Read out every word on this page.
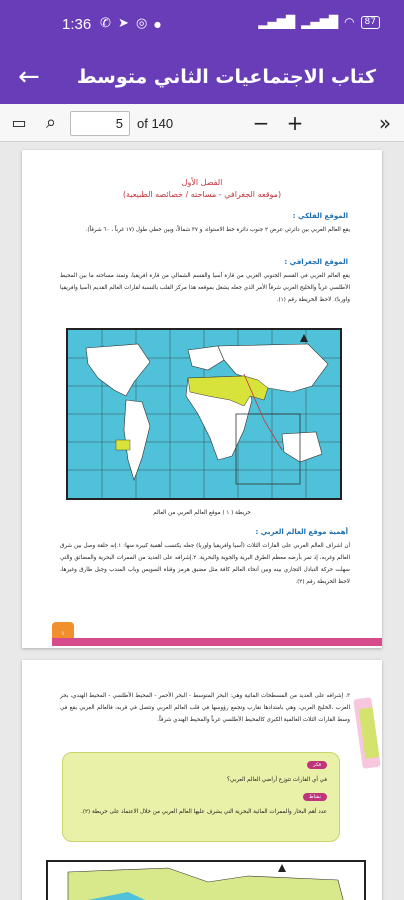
1:36 ✆ ➤ ◎ ●	▂▄▆█ ▂▄▆█ ◠	87
← كتاب الاجتماعيات الثاني متوسط
▭	⌕
5	of 140	− +	»
الفصل الأول
(موقعه الجغرافي - مساحته / خصائصه الطبيعية)
الموقع الفلكي :
يقع العالم العربي بين دائرتي عرض ٢ جنوب دائرة خط الاستواء، و ٣٧ شمالاً، وبين خطي طول (١٧ غرباً ، ٦٠ شرقاً).
الموقع الجغرافي :
يقع العالم العربي في القسم الجنوبي الغربي من قارة آسيا والقسم الشمالي من قارة افريقيا، وتمتد مساحته ما بين المحيط الأطلسي غرباً والخليج العربي شرقاً الأمر الذي جعله يشغل بموقعه هذا مركز القلب بالنسبة لقارات العالم القديم (آسيا وافريقيا واوربا). لاحظ الخريطة رقم (١).
خريطة ( ١ ) موقع العالم العربي من العالم
أهمية موقع العالم العربي :
أن اشراف العالم العربي على القارات الثلاث (آسيا وافريقيا واوربا) جعله يكتسب أهمية كبيرة منها: ١.إنه حلقة وصل بين شرق العالم وغربه، إذ تمر بأرضه معظم الطرق البرية والجوية والبحرية. ٢.إشرافه على العديد من الممرات البحرية والمضائق والتي سهلت حركة التبادل التجاري بينه وبين أنحاء العالم كافة مثل مضيق هرمز وقناة السويس وباب المندب وجبل طارق وغيرها، لاحظ الخريطة رقم (٢).
١
٣. إشرافه على العديد من المسطحات المائية وهي: البحر المتوسط - البحر الأحمر - المحيط الأطلسي - المحيط الهندي، بحر العرب ،الخليج العربي، وهي بامتدادها تقارب وتجمع رؤوسها في قلب العالم العربي وتتصل في قربه، فالعالم العربي يقع في وسط القارات الثلاث العالمية الكبرى كالمحيط الأطلسي غرباً والمحيط الهندي شرقاً.
فكر
في أي القارات تتوزع أراضي العالم العربي؟
نشاط
عدد أهم البحار والممرات المائية البحرية التي يشرف عليها العالم العربي من خلال الاعتماد على خريطة (٢).
